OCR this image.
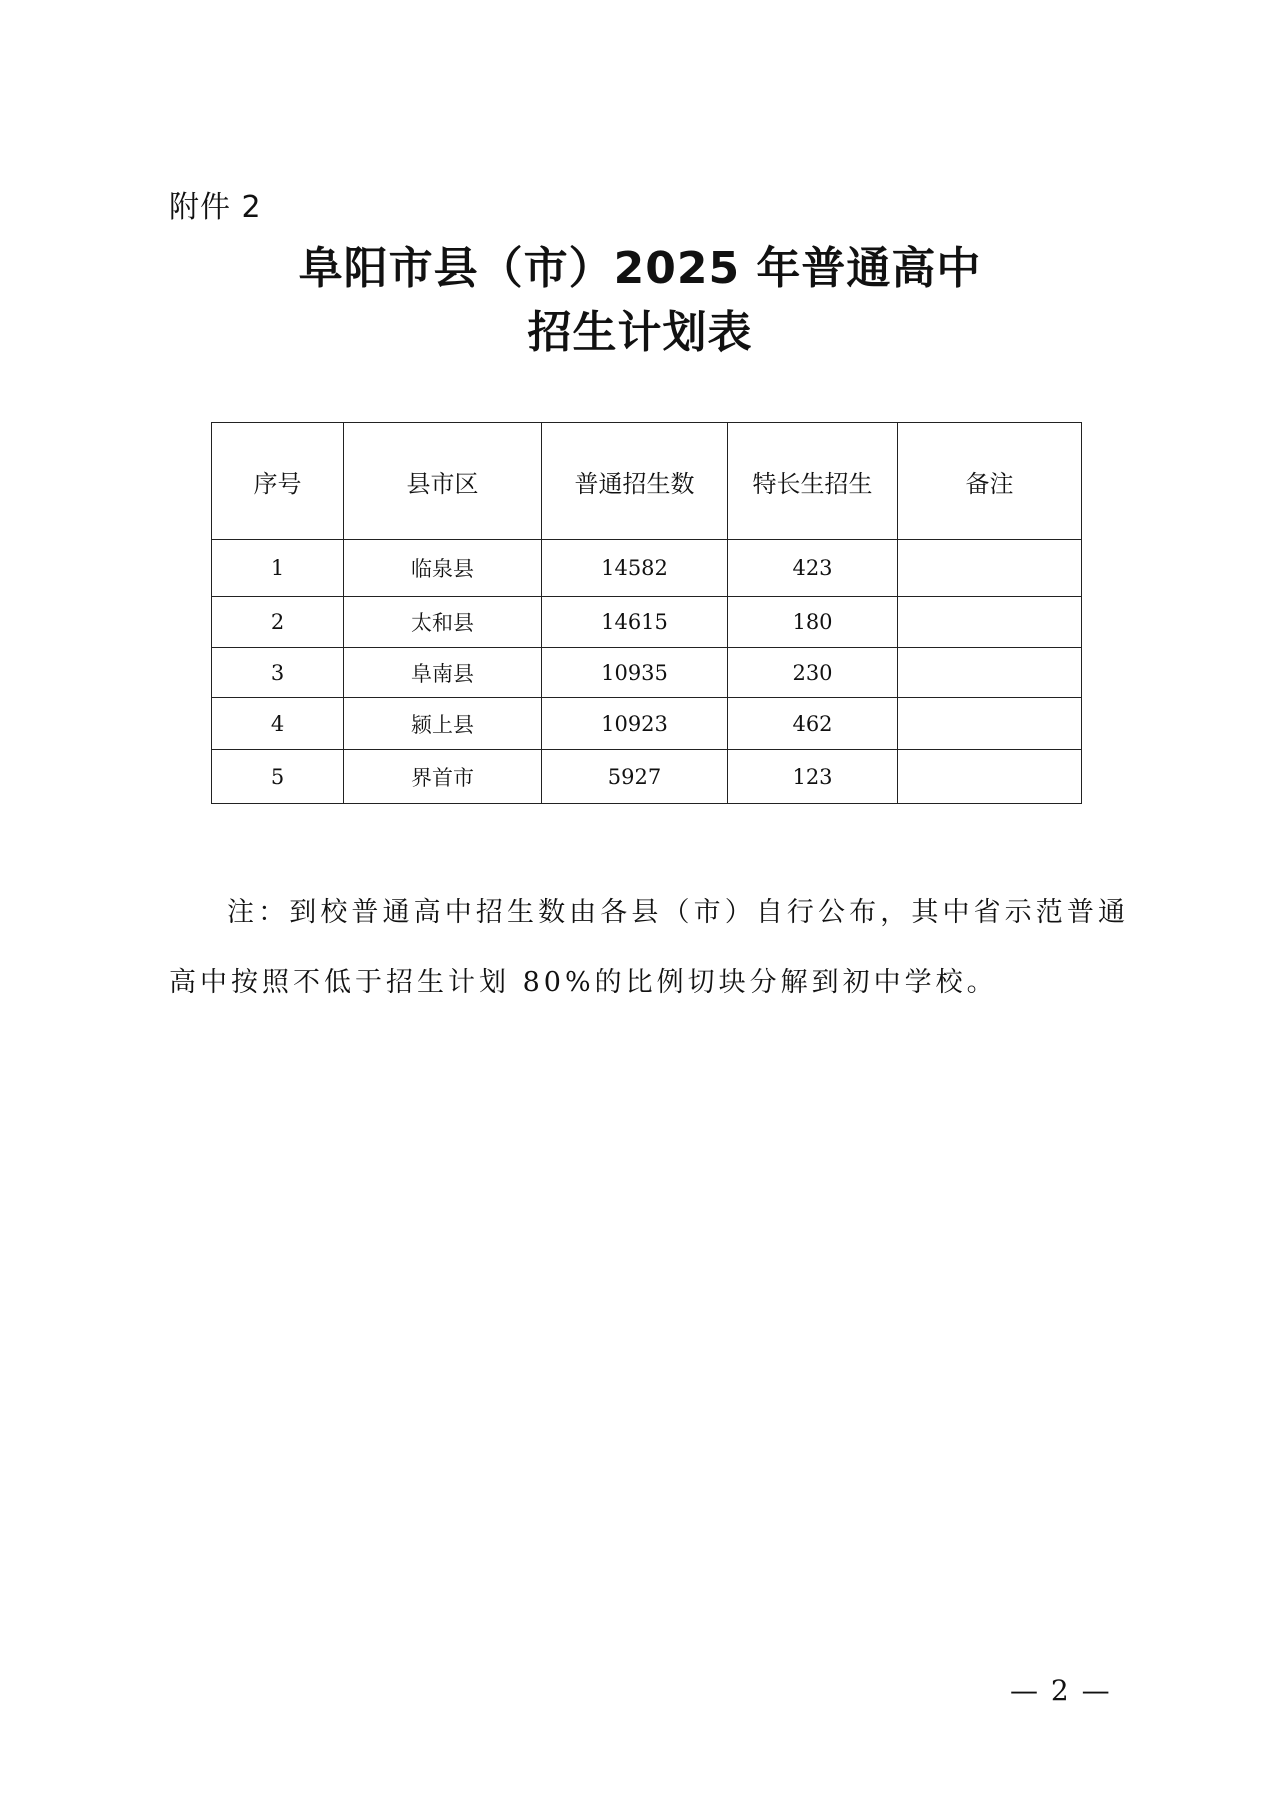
附件 2
阜阳市县（市）2025 年普通高中
招生计划表
序号	县市区	普通招生数	特长生招生	备注
1	临泉县	14582	423	
2	太和县	14615	180	
3	阜南县	10935	230	
4	颍上县	10923	462	
5	界首市	5927	123	
注：到校普通高中招生数由各县（市）自行公布，其中省示范普通高中按照不低于招生计划 80%的比例切块分解到初中学校。
— 2 —
